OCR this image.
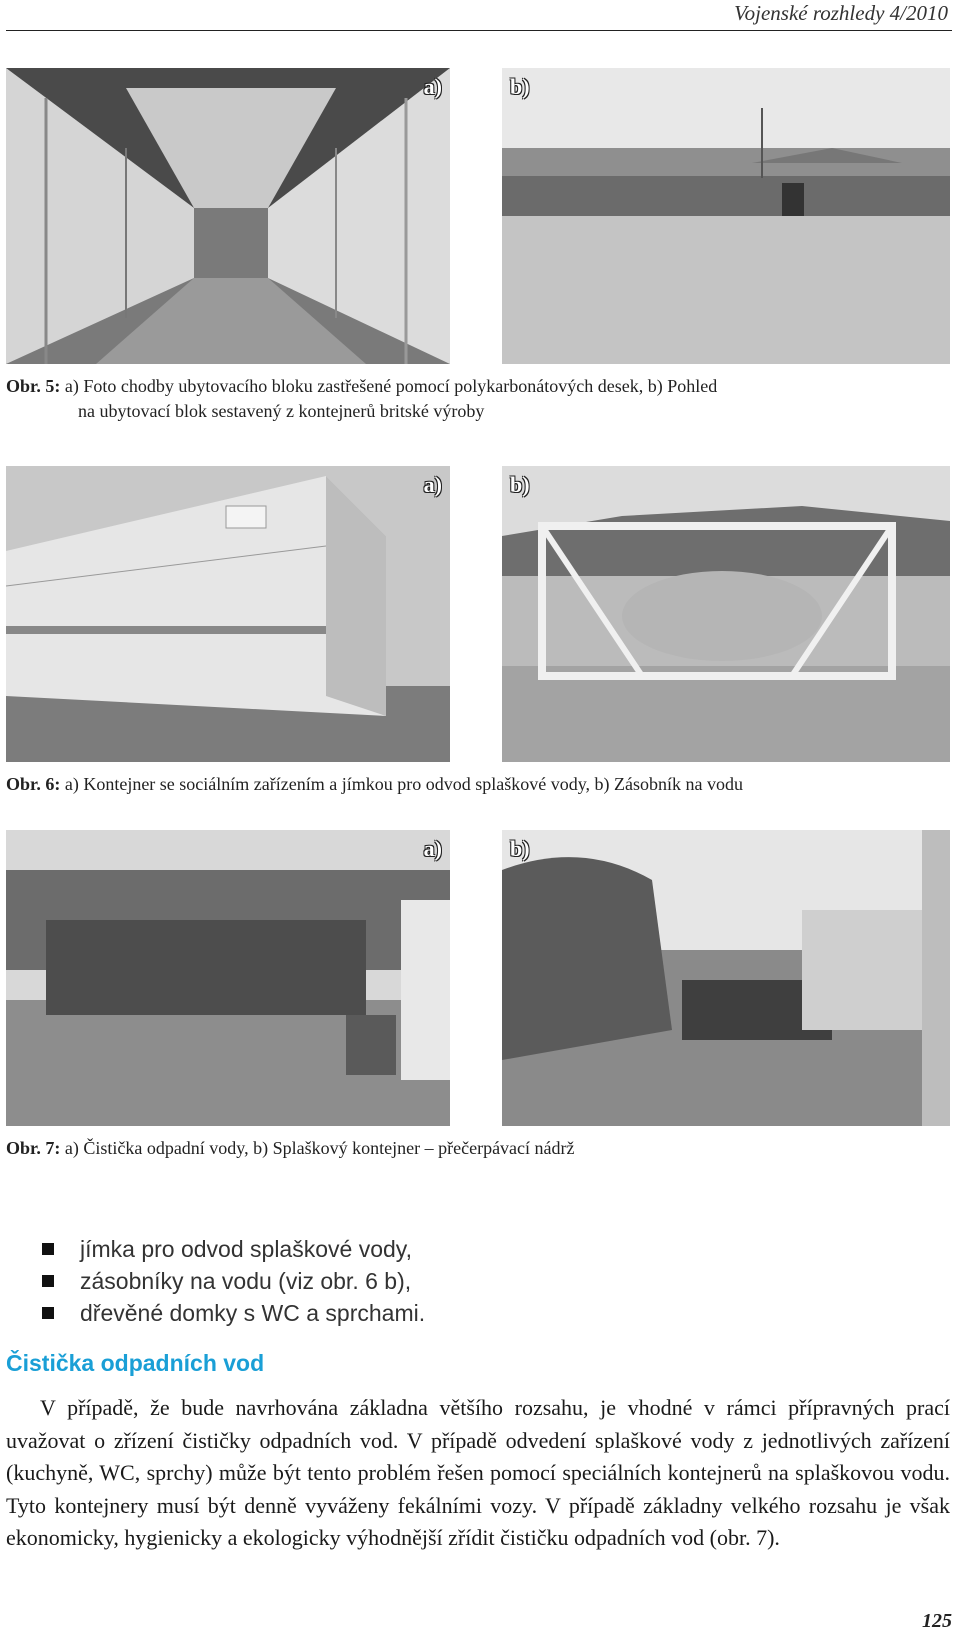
Vojenské rozhledy 4/2010
a)	b)
Obr. 5: a) Foto chodby ubytovacího bloku zastřešené pomocí polykarbonátových desek, b) Pohled
na ubytovací blok sestavený z kontejnerů britské výroby
a)	b)
Obr. 6: a) Kontejner se sociálním zařízením a jímkou pro odvod splaškové vody, b) Zásobník na vodu
a)	b)
Obr. 7: a) Čistička odpadní vody, b) Splaškový kontejner – přečerpávací nádrž
jímka pro odvod splaškové vody,
zásobníky na vodu (viz obr. 6 b),
dřevěné domky s WC a sprchami.
Čistička odpadních vod
V případě, že bude navrhována základna většího rozsahu, je vhodné v rámci přípravných prací uvažovat o zřízení čističky odpadních vod. V případě odvedení splaškové vody z jednotlivých zařízení (kuchyně, WC, sprchy) může být tento problém řešen pomocí speciálních kontejnerů na splaškovou vodu. Tyto kontejnery musí být denně vyváženy fekálními vozy. V případě základny velkého rozsahu je však ekonomicky, hygienicky a ekologicky výhodnější zřídit čističku odpadních vod (obr. 7).
125
